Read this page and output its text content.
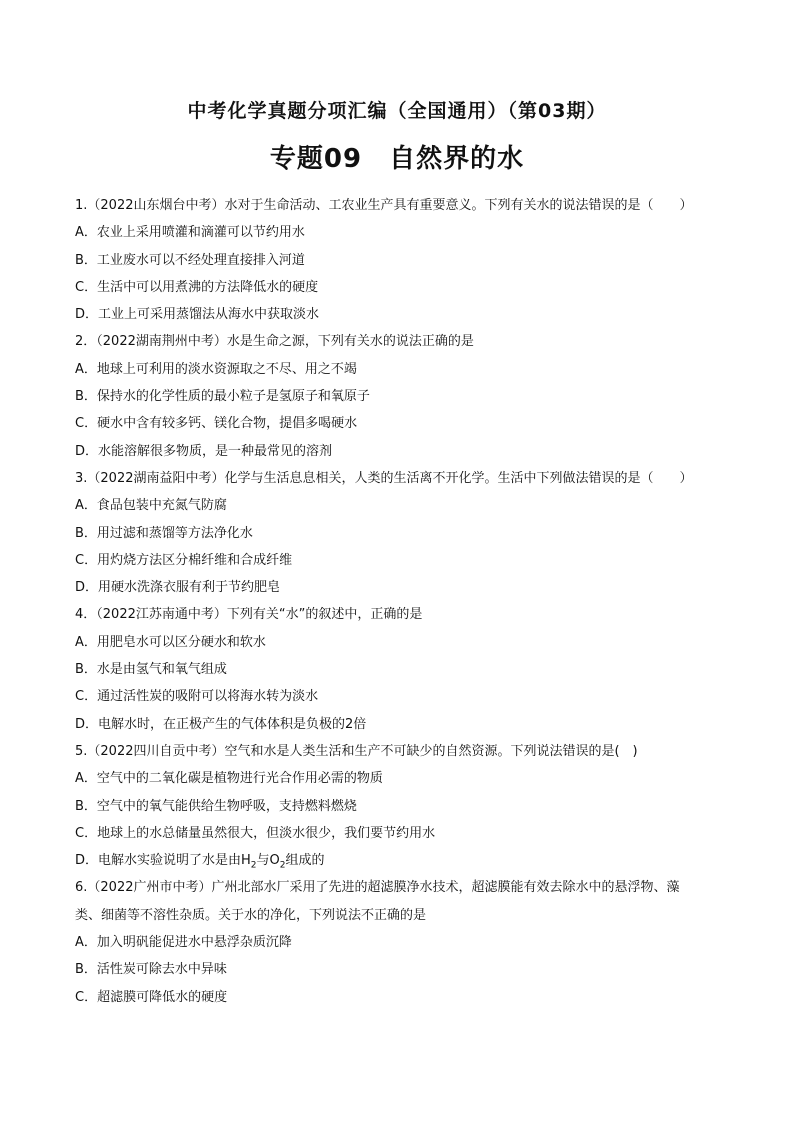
中考化学真题分项汇编（全国通用）（第03期）
专题09　自然界的水
1.（2022山东烟台中考）水对于生命活动、工农业生产具有重要意义。下列有关水的说法错误的是（　　）
A．农业上采用喷灌和滴灌可以节约用水
B．工业废水可以不经处理直接排入河道
C．生活中可以用煮沸的方法降低水的硬度
D．工业上可采用蒸馏法从海水中获取淡水
2．（2022湖南荆州中考）水是生命之源，下列有关水的说法正确的是
A．地球上可利用的淡水资源取之不尽、用之不竭
B．保持水的化学性质的最小粒子是氢原子和氧原子
C．硬水中含有较多钙、镁化合物，提倡多喝硬水
D．水能溶解很多物质，是一种最常见的溶剂
3.（2022湖南益阳中考）化学与生活息息相关，人类的生活离不开化学。生活中下列做法错误的是（　　）
A．食品包装中充氮气防腐
B．用过滤和蒸馏等方法净化水
C．用灼烧方法区分棉纤维和合成纤维
D．用硬水洗涤衣服有利于节约肥皂
4．（2022江苏南通中考）下列有关“水”的叙述中，正确的是
A．用肥皂水可以区分硬水和软水
B．水是由氢气和氧气组成
C．通过活性炭的吸附可以将海水转为淡水
D．电解水时，在正极产生的气体体积是负极的2倍
5.（2022四川自贡中考）空气和水是人类生活和生产不可缺少的自然资源。下列说法错误的是(　)
A．空气中的二氧化碳是植物进行光合作用必需的物质
B．空气中的氧气能供给生物呼吸，支持燃料燃烧
C．地球上的水总储量虽然很大，但淡水很少，我们要节约用水
D．电解水实验说明了水是由$H_2$与$O_2$组成的
6.（2022广州市中考）广州北部水厂采用了先进的超滤膜净水技术，超滤膜能有效去除水中的悬浮物、藻
类、细菌等不溶性杂质。关于水的净化，下列说法不正确的是
A．加入明矾能促进水中悬浮杂质沉降
B．活性炭可除去水中异味
C．超滤膜可降低水的硬度
